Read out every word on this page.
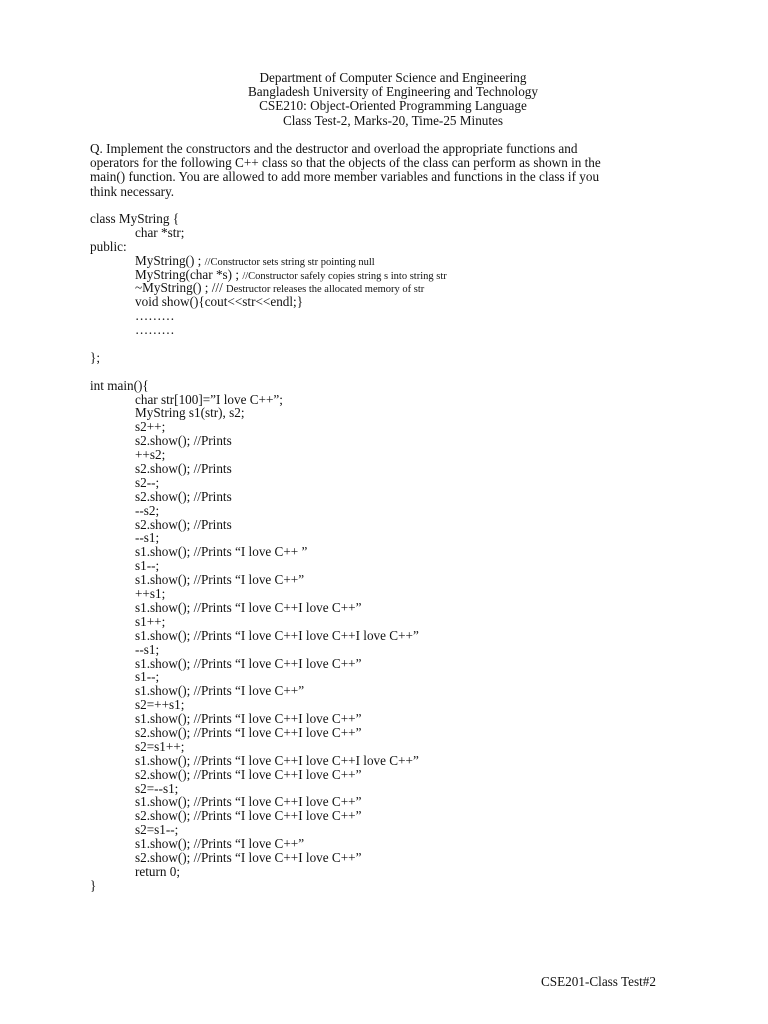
Department of Computer Science and Engineering
Bangladesh University of Engineering and Technology
CSE210: Object-Oriented Programming Language
Class Test-2, Marks-20, Time-25 Minutes
Q. Implement the constructors and the destructor and overload the appropriate functions and
operators for the following C++ class so that the objects of the class can perform as shown in the
main() function. You are allowed to add more member variables and functions in the class if you
think necessary.
class MyString {
char *str;
public:
MyString() ; //Constructor sets string str pointing null
MyString(char *s) ; //Constructor safely copies string s into string str
~MyString() ; /// Destructor releases the allocated memory of str
void show(){cout<<str<<endl;}
………
………
};
int main(){
char str[100]=”I love C++”;
MyString s1(str), s2;
s2++;
s2.show(); //Prints
++s2;
s2.show(); //Prints
s2--;
s2.show(); //Prints
--s2;
s2.show(); //Prints
--s1;
s1.show(); //Prints “I love C++ ”
s1--;
s1.show(); //Prints “I love C++”
++s1;
s1.show(); //Prints “I love C++I love C++”
s1++;
s1.show(); //Prints “I love C++I love C++I love C++”
--s1;
s1.show(); //Prints “I love C++I love C++”
s1--;
s1.show(); //Prints “I love C++”
s2=++s1;
s1.show(); //Prints “I love C++I love C++”
s2.show(); //Prints “I love C++I love C++”
s2=s1++;
s1.show(); //Prints “I love C++I love C++I love C++”
s2.show(); //Prints “I love C++I love C++”
s2=--s1;
s1.show(); //Prints “I love C++I love C++”
s2.show(); //Prints “I love C++I love C++”
s2=s1--;
s1.show(); //Prints “I love C++”
s2.show(); //Prints “I love C++I love C++”
return 0;
}
CSE201-Class Test#2
